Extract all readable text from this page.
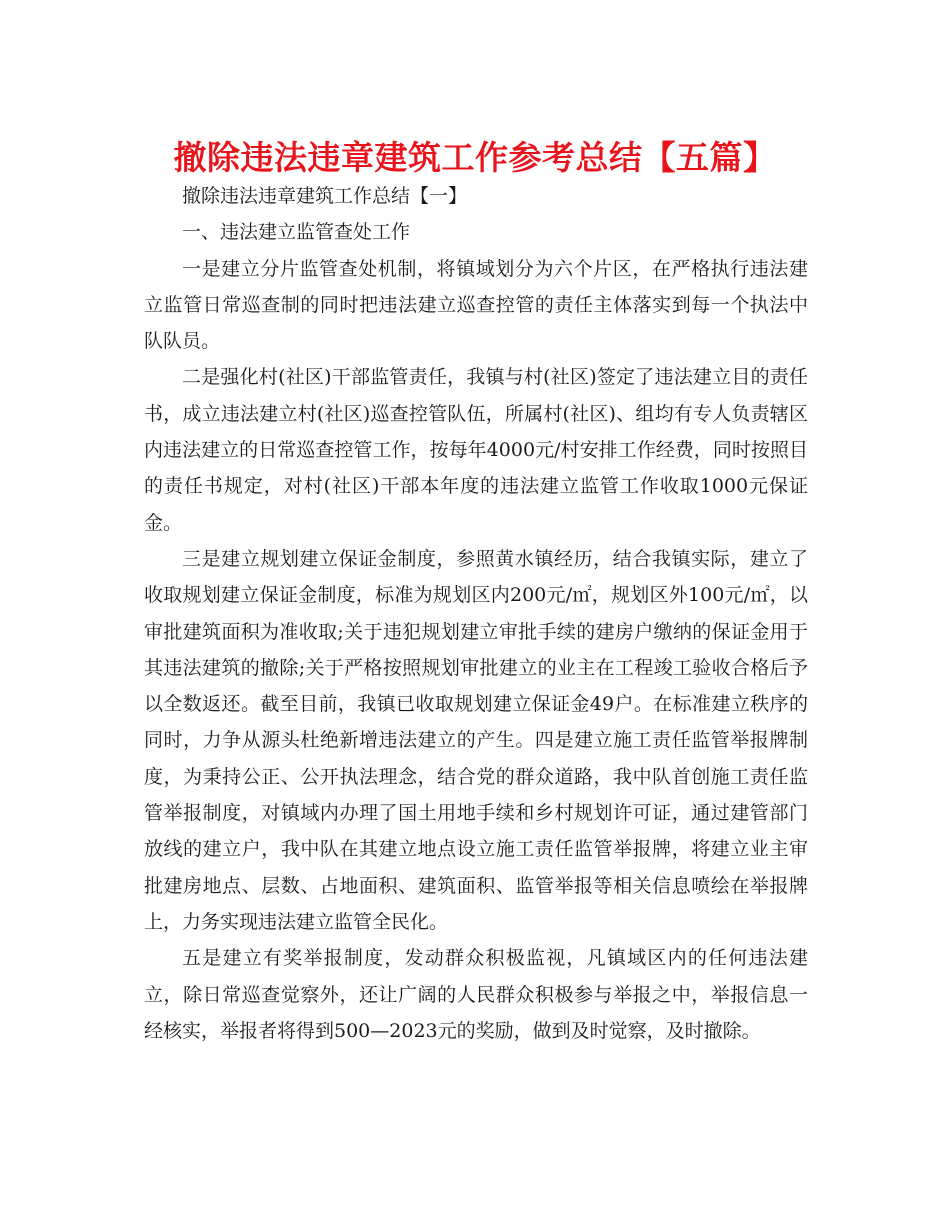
撤除违法违章建筑工作参考总结【五篇】

撤除违法违章建筑工作总结【一】

一、违法建立监管查处工作

一是建立分片监管查处机制，将镇域划分为六个片区，在严格执行违法建立监管日常巡查制的同时把违法建立巡查控管的责任主体落实到每一个执法中队队员。

二是强化村(社区)干部监管责任，我镇与村(社区)签定了违法建立目的责任书，成立违法建立村(社区)巡查控管队伍，所属村(社区)、组均有专人负责辖区内违法建立的日常巡查控管工作，按每年4000元/村安排工作经费，同时按照目的责任书规定，对村(社区)干部本年度的违法建立监管工作收取1000元保证金。

三是建立规划建立保证金制度，参照黄水镇经历，结合我镇实际，建立了收取规划建立保证金制度，标准为规划区内200元/㎡，规划区外100元/㎡，以审批建筑面积为准收取;关于违犯规划建立审批手续的建房户缴纳的保证金用于其违法建筑的撤除;关于严格按照规划审批建立的业主在工程竣工验收合格后予以全数返还。截至目前，我镇已收取规划建立保证金49户。在标准建立秩序的同时，力争从源头杜绝新增违法建立的产生。四是建立施工责任监管举报牌制度，为秉持公正、公开执法理念，结合党的群众道路，我中队首创施工责任监管举报制度，对镇域内办理了国土用地手续和乡村规划许可证，通过建管部门放线的建立户，我中队在其建立地点设立施工责任监管举报牌，将建立业主审批建房地点、层数、占地面积、建筑面积、监管举报等相关信息喷绘在举报牌上，力务实现违法建立监管全民化。

五是建立有奖举报制度，发动群众积极监视，凡镇域区内的任何违法建立，除日常巡查觉察外，还让广阔的人民群众积极参与举报之中，举报信息一经核实，举报者将得到500—2023元的奖励，做到及时觉察，及时撤除。
